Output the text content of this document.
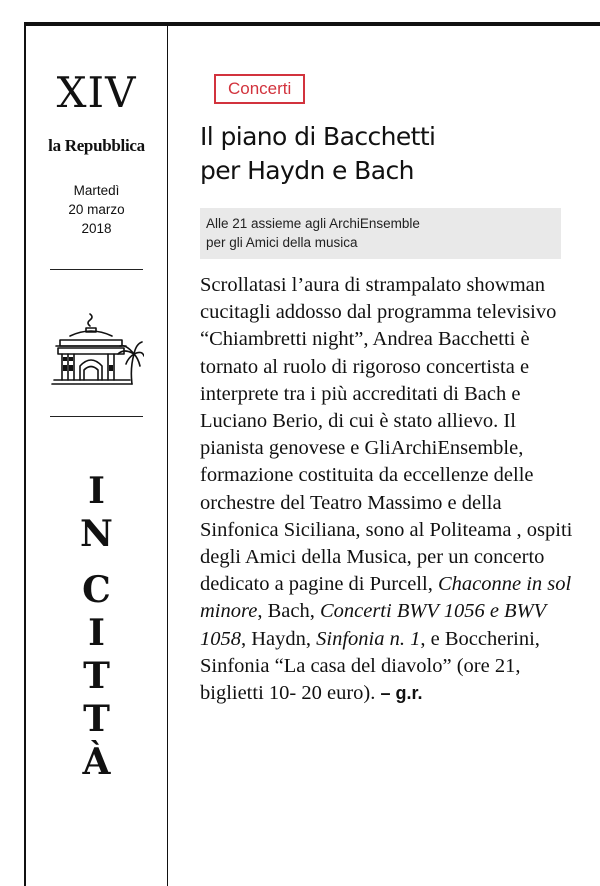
XIV
la Repubblica
Martedì
20 marzo
2018
I
N
C
I
T
T
À
Concerti
Il piano di Bacchetti
per Haydn e Bach
Alle 21 assieme agli ArchiEnsemble
per gli Amici della musica

Scrollatasi l’aura di strampalato showman cucitagli addosso dal programma televisivo “Chiambretti night”, Andrea Bacchetti è tornato al ruolo di rigoroso concertista e interprete tra i più accreditati di Bach e Luciano Berio, di cui è stato allievo. Il pianista genovese e GliArchiEnsemble, formazione costituita da eccellenze delle orchestre del Teatro Massimo e della Sinfonica Siciliana, sono al Politeama , ospiti degli Amici della Musica, per un concerto dedicato a pagine di Purcell, Chaconne in sol minore, Bach, Concerti BWV 1056 e BWV 1058, Haydn, Sinfonia n. 1, e Boccherini, Sinfonia “La casa del diavolo” (ore 21, biglietti 10- 20 euro). – g.r.
